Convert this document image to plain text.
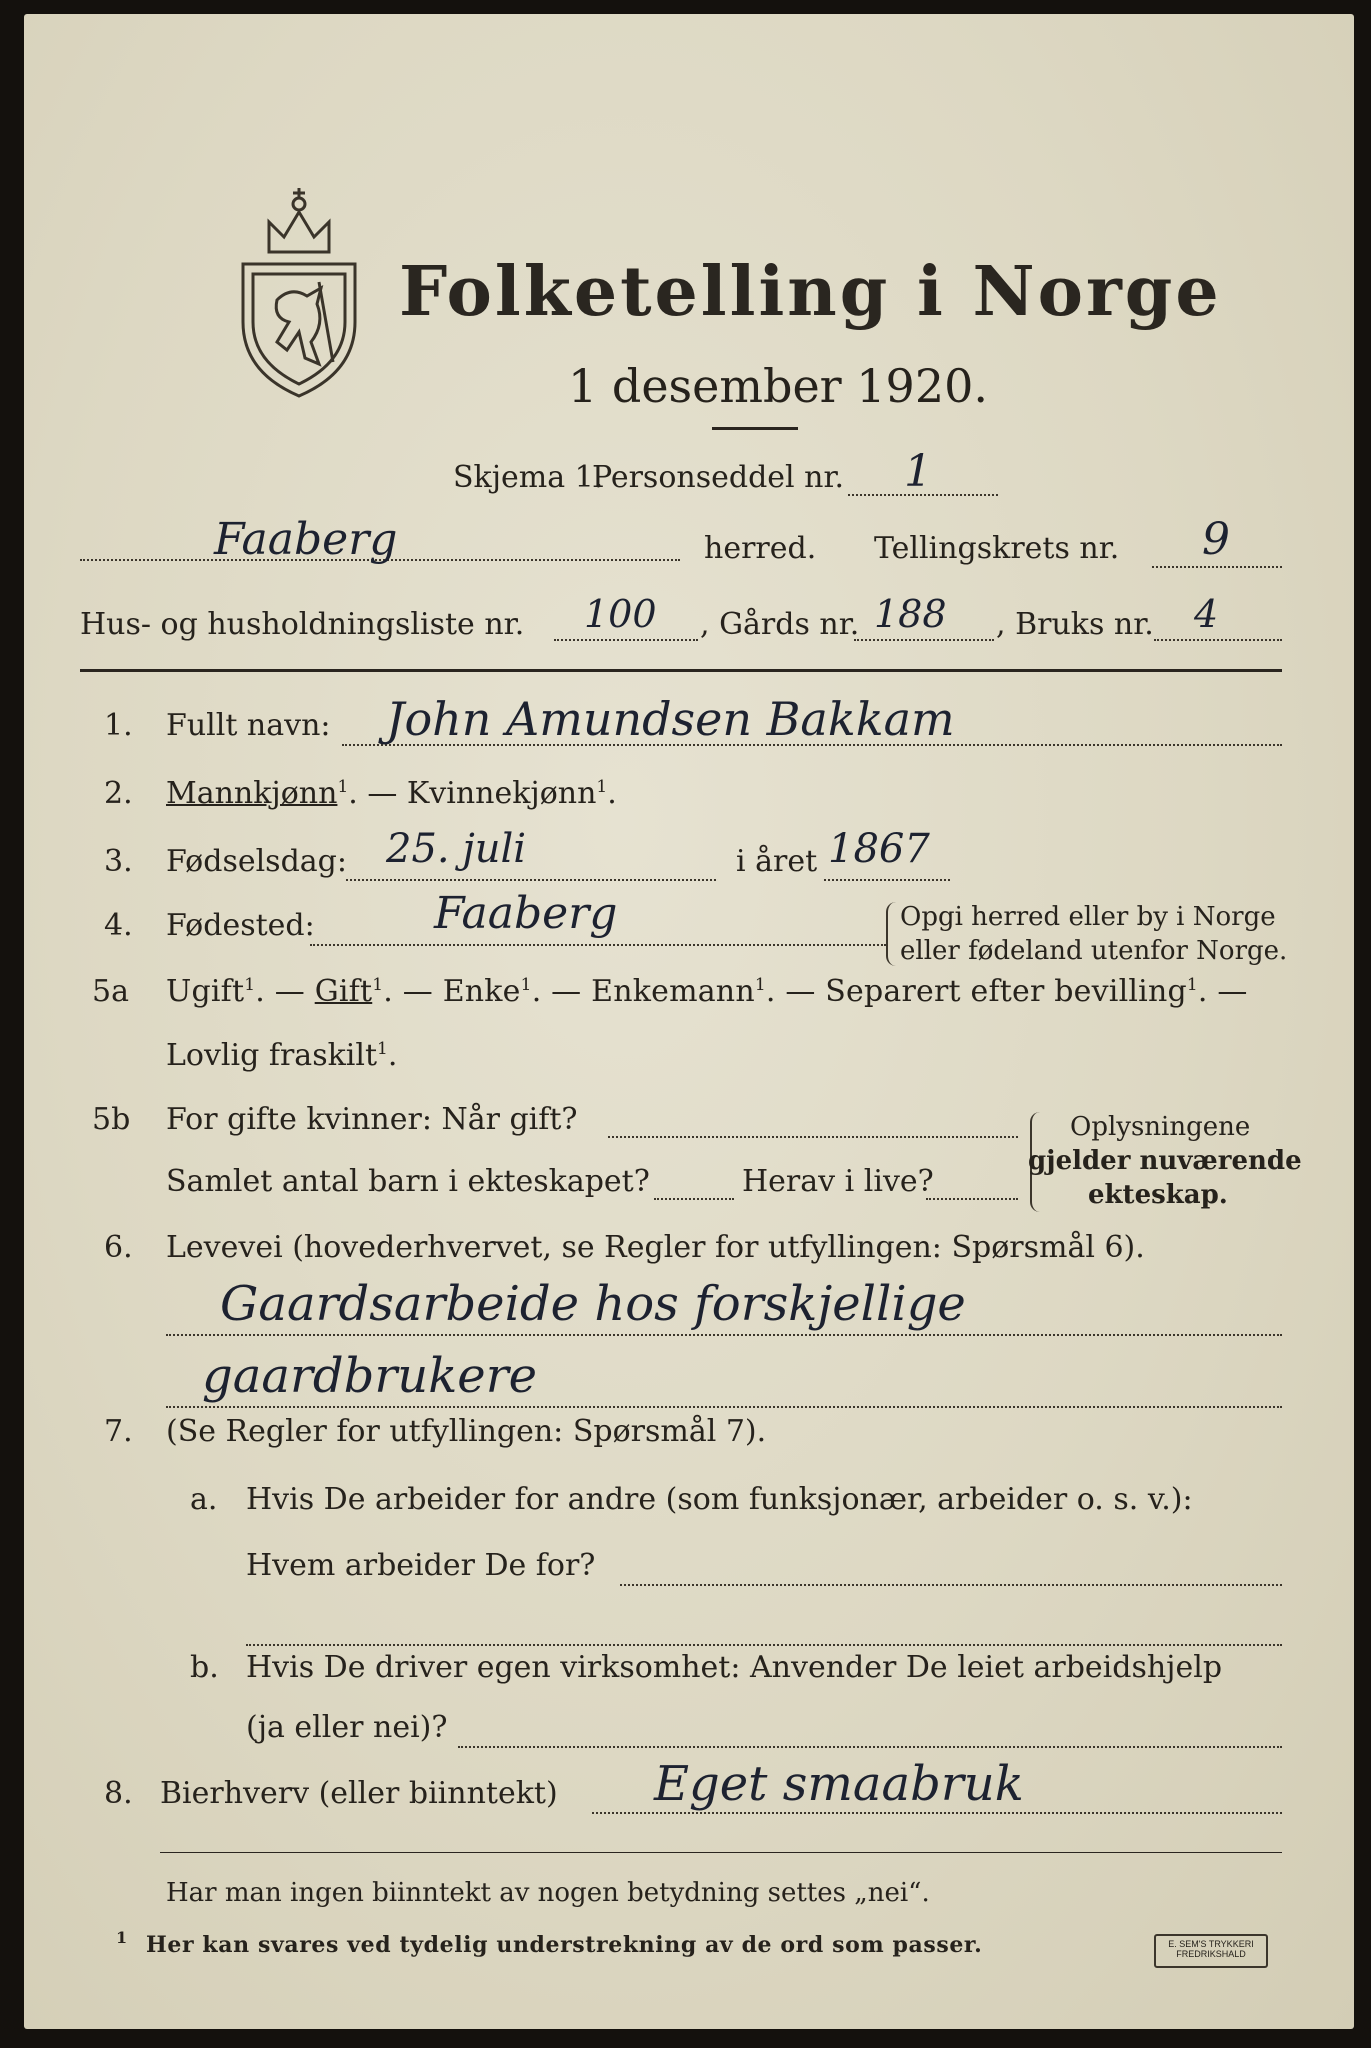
Folketelling i Norge
1 desember 1920.
Skjema 1.
Personseddel nr. 1
Faaberg	herred. Tellingskrets nr. 9
Hus- og husholdningsliste nr. 100 , Gårds nr. 188 , Bruks nr. 4
1. Fullt navn: John Amundsen Bakkam
2. Mannkjønn$^1$. — Kvinnekjønn$^1$.
3. Fødselsdag: 25. juli	i året 1867
4. Fødested:	Faaberg	Opgi herred eller by i Norge
eller fødeland utenfor Norge.
5a Ugift$^1$. — Gift$^1$. — Enke$^1$. — Enkemann$^1$. — Separert efter bevilling$^1$. —
Lovlig fraskilt$^1$.
5b For gifte kvinner: Når gift?
Samlet antal barn i ekteskapet?	Herav i live?
Oplysningene
gjelder nuværende
ekteskap.
6. Levevei (hovederhvervet, se Regler for utfyllingen: Spørsmål 6).
Gaardsarbeide hos forskjellige
gaardbrukere
7. (Se Regler for utfyllingen: Spørsmål 7).
a. Hvis De arbeider for andre (som funksjonær, arbeider o. s. v.):
Hvem arbeider De for?
b. Hvis De driver egen virksomhet: Anvender De leiet arbeidshjelp
(ja eller nei)?
8. Bierhverv (eller biinntekt) Eget smaabruk
Har man ingen biinntekt av nogen betydning settes „nei“.
1 Her kan svares ved tydelig understrekning av de ord som passer.	E. SEM'S TRYKKERI
FREDRIKSHALD
